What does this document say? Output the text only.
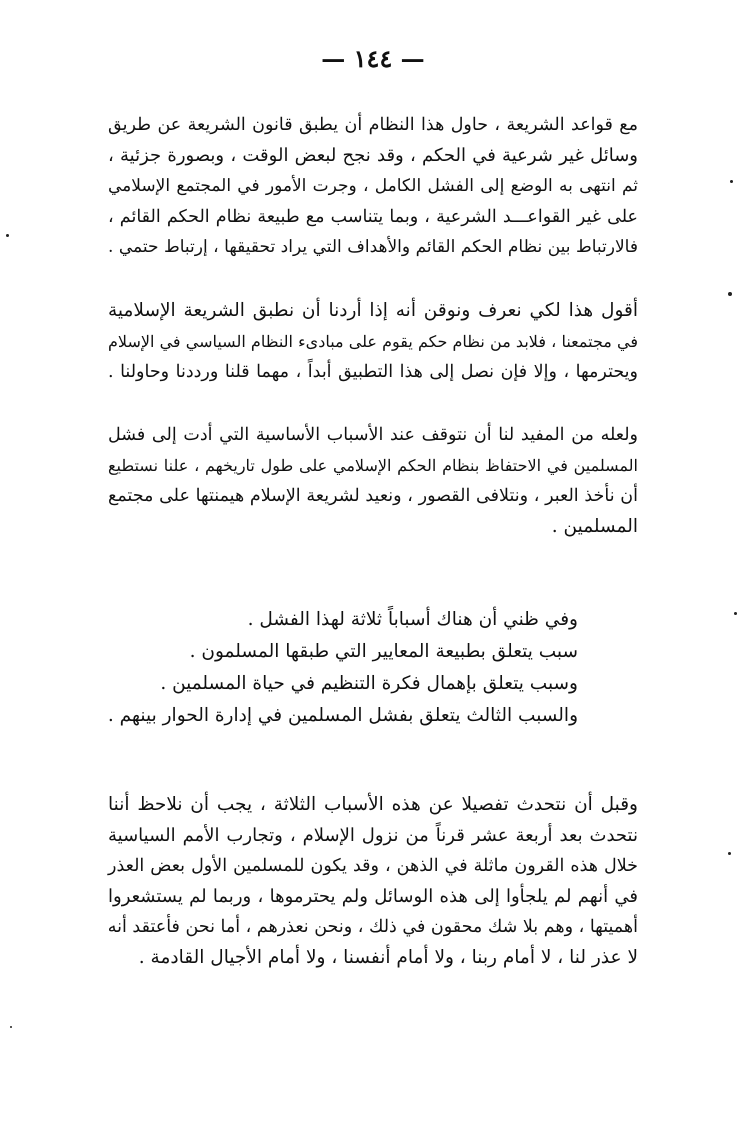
— ١٤٤ —
مع قواعد الشريعة ، حاول هذا النظام أن يطبق قانون الشريعة عن طريق
وسائل غير شرعية في الحكم ، وقد نجح لبعض الوقت ، وبصورة جزئية ،
ثم انتهى به الوضع إلى الفشل الكامل ، وجرت الأمور في المجتمع الإسلامي
على غير القواعـــد الشرعية ، وبما يتناسب مع طبيعة نظام الحكم القائم ،
فالارتباط بين نظام الحكم القائم والأهداف التي يراد تحقيقها ، إرتباط حتمي .
أقول هذا لكي نعرف ونوقن أنه إذا أردنا أن نطبق الشريعة الإسلامية
في مجتمعنا ، فلابد من نظام حكم يقوم على مبادىء النظام السياسي في الإسلام
ويحترمها ، وإلا فإن نصل إلى هذا التطبيق أبداً ، مهما قلنا ورددنا وحاولنا .
ولعله من المفيد لنا أن نتوقف عند الأسباب الأساسية التي أدت إلى فشل
المسلمين في الاحتفاظ بنظام الحكم الإسلامي على طول تاريخهم ، علنا نستطيع
أن نأخذ العبر ، ونتلافى القصور ، ونعيد لشريعة الإسلام هيمنتها على مجتمع
المسلمين .
وفي ظني أن هناك أسباباً ثلاثة لهذا الفشل .
سبب يتعلق بطبيعة المعايير التي طبقها المسلمون .
وسبب يتعلق بإهمال فكرة التنظيم في حياة المسلمين .
والسبب الثالث يتعلق بفشل المسلمين في إدارة الحوار بينهم .
وقبل أن نتحدث تفصيلا عن هذه الأسباب الثلاثة ، يجب أن نلاحظ أننا
نتحدث بعد أربعة عشر قرناً من نزول الإسلام ، وتجارب الأمم السياسية
خلال هذه القرون ماثلة في الذهن ، وقد يكون للمسلمين الأول بعض العذر
في أنهم لم يلجأوا إلى هذه الوسائل ولم يحترموها ، وربما لم يستشعروا
أهميتها ، وهم بلا شك محقون في ذلك ، ونحن نعذرهم ، أما نحن فأعتقد أنه
لا عذر لنا ، لا أمام ربنا ، ولا أمام أنفسنا ، ولا أمام الأجيال القادمة .
